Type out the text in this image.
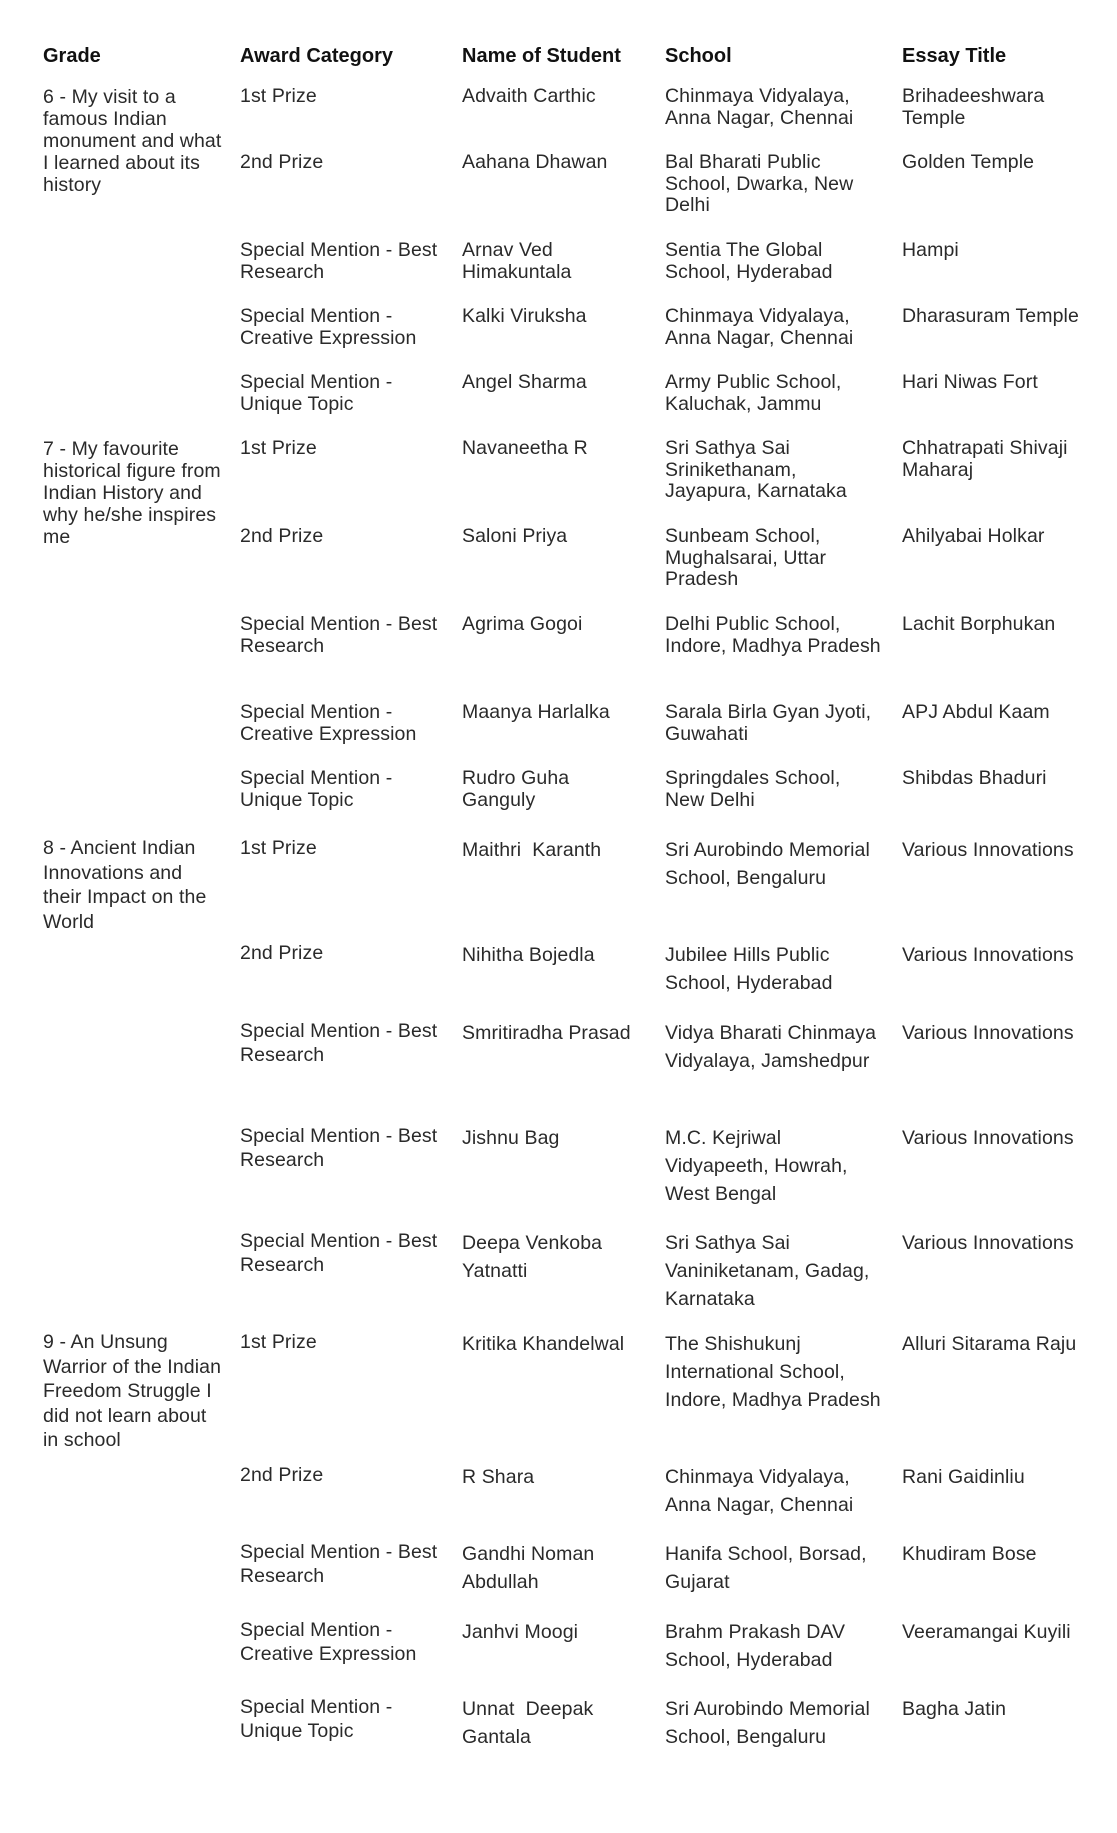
Grade	Award Category	Name of Student	School	Essay Title
6 - My visit to a famous Indian monument and what I learned about its history	1st Prize	Advaith Carthic	Chinmaya Vidyalaya, Anna Nagar, Chennai	Brihadeeshwara Temple
	2nd Prize	Aahana Dhawan	Bal Bharati Public School, Dwarka, New Delhi	Golden Temple
	Special Mention - Best Research	Arnav Ved Himakuntala	Sentia The Global School, Hyderabad	Hampi
	Special Mention - Creative Expression	Kalki Viruksha	Chinmaya Vidyalaya, Anna Nagar, Chennai	Dharasuram Temple
	Special Mention - Unique Topic	Angel Sharma	Army Public School, Kaluchak, Jammu	Hari Niwas Fort
7 - My favourite historical figure from Indian History and why he/she inspires me	1st Prize	Navaneetha R	Sri Sathya Sai Srinikethanam, Jayapura, Karnataka	Chhatrapati Shivaji Maharaj
	2nd Prize	Saloni Priya	Sunbeam School, Mughalsarai, Uttar Pradesh	Ahilyabai Holkar
	Special Mention - Best Research	Agrima Gogoi	Delhi Public School, Indore, Madhya Pradesh	Lachit Borphukan
	Special Mention - Creative Expression	Maanya Harlalka	Sarala Birla Gyan Jyoti, Guwahati	APJ Abdul Kaam
	Special Mention - Unique Topic	Rudro Guha Ganguly	Springdales School, New Delhi	Shibdas Bhaduri
8 - Ancient Indian Innovations and their Impact on the World	1st Prize	Maithri  Karanth	Sri Aurobindo Memorial School, Bengaluru	Various Innovations
	2nd Prize	Nihitha Bojedla	Jubilee Hills Public School, Hyderabad	Various Innovations
	Special Mention - Best Research	Smritiradha Prasad	Vidya Bharati Chinmaya Vidyalaya, Jamshedpur	Various Innovations
	Special Mention - Best Research	Jishnu Bag	M.C. Kejriwal Vidyapeeth, Howrah, West Bengal	Various Innovations
	Special Mention - Best Research	Deepa Venkoba Yatnatti	Sri Sathya Sai Vaniniketanam, Gadag, Karnataka	Various Innovations
9 - An Unsung Warrior of the Indian Freedom Struggle I did not learn about in school	1st Prize	Kritika Khandelwal	The Shishukunj International School, Indore, Madhya Pradesh	Alluri Sitarama Raju
	2nd Prize	R Shara	Chinmaya Vidyalaya, Anna Nagar, Chennai	Rani Gaidinliu
	Special Mention - Best Research	Gandhi Noman Abdullah	Hanifa School, Borsad, Gujarat	Khudiram Bose
	Special Mention - Creative Expression	Janhvi Moogi	Brahm Prakash DAV School, Hyderabad	Veeramangai Kuyili
	Special Mention - Unique Topic	Unnat  Deepak Gantala	Sri Aurobindo Memorial School, Bengaluru	Bagha Jatin
